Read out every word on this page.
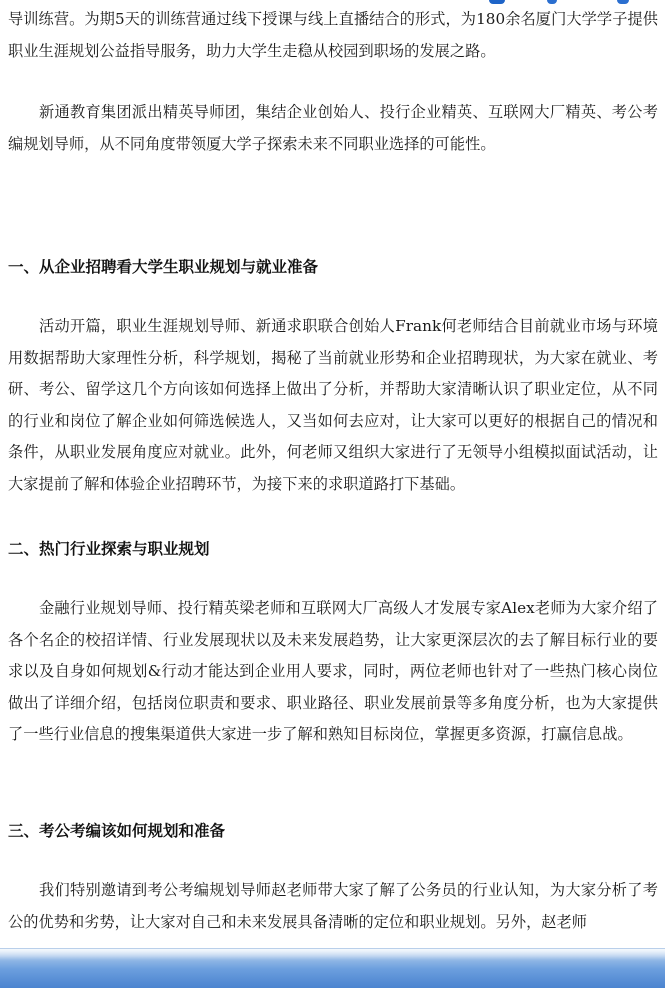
导训练营。为期5天的训练营通过线下授课与线上直播结合的形式，为180余名厦门大学学子提供职业生涯规划公益指导服务，助力大学生走稳从校园到职场的发展之路。

新通教育集团派出精英导师团，集结企业创始人、投行企业精英、互联网大厂精英、考公考编规划导师，从不同角度带领厦大学子探索未来不同职业选择的可能性。

一、从企业招聘看大学生职业规划与就业准备

活动开篇，职业生涯规划导师、新通求职联合创始人Frank何老师结合目前就业市场与环境用数据帮助大家理性分析，科学规划，揭秘了当前就业形势和企业招聘现状，为大家在就业、考研、考公、留学这几个方向该如何选择上做出了分析，并帮助大家清晰认识了职业定位，从不同的行业和岗位了解企业如何筛选候选人，又当如何去应对，让大家可以更好的根据自己的情况和条件，从职业发展角度应对就业。此外，何老师又组织大家进行了无领导小组模拟面试活动，让大家提前了解和体验企业招聘环节，为接下来的求职道路打下基础。

二、热门行业探索与职业规划

金融行业规划导师、投行精英梁老师和互联网大厂高级人才发展专家Alex老师为大家介绍了各个名企的校招详情、行业发展现状以及未来发展趋势，让大家更深层次的去了解目标行业的要求以及自身如何规划&行动才能达到企业用人要求，同时，两位老师也针对了一些热门核心岗位做出了详细介绍，包括岗位职责和要求、职业路径、职业发展前景等多角度分析，也为大家提供了一些行业信息的搜集渠道供大家进一步了解和熟知目标岗位，掌握更多资源，打赢信息战。

三、考公考编该如何规划和准备

我们特别邀请到考公考编规划导师赵老师带大家了解了公务员的行业认知，为大家分析了考公的优势和劣势，让大家对自己和未来发展具备清晰的定位和职业规划。另外，赵老师
